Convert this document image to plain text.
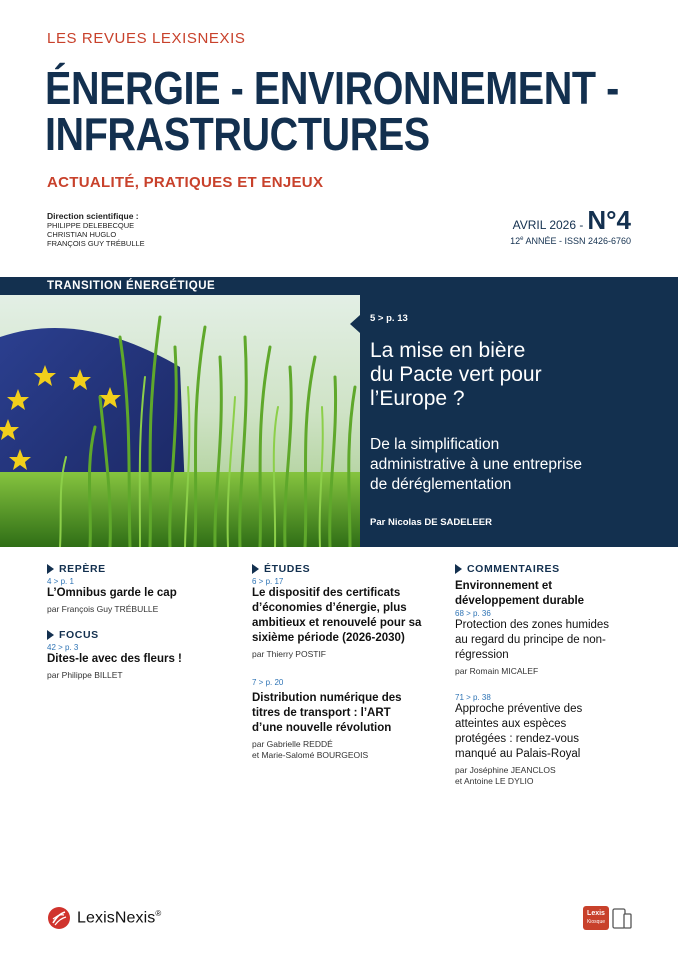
LES REVUES LEXISNEXIS
ÉNERGIE - ENVIRONNEMENT -
INFRASTRUCTURES
ACTUALITÉ, PRATIQUES ET ENJEUX
Direction scientifique :
PHILIPPE DELEBECQUE
CHRISTIAN HUGLO
FRANÇOIS GUY TRÉBULLE
AVRIL 2026 - N°4
12e ANNÉE - ISSN 2426-6760
TRANSITION ÉNERGÉTIQUE
5 > p. 13
La mise en bière
du Pacte vert pour
l’Europe ?
De la simplification
administrative à une entreprise
de déréglementation
Par Nicolas DE SADELEER
REPÈRE
4 > p. 1
L’Omnibus garde le cap
par François Guy TRÉBULLE
FOCUS
42 > p. 3
Dites-le avec des fleurs !
par Philippe BILLET
ÉTUDES
6 > p. 17
Le dispositif des certificats
d’économies d’énergie, plus
ambitieux et renouvelé pour sa
sixième période (2026-2030)
par Thierry POSTIF
7 > p. 20
Distribution numérique des
titres de transport : l’ART
d’une nouvelle révolution
par Gabrielle REDDÉ
et Marie-Salomé BOURGEOIS
COMMENTAIRES
Environnement et
développement durable
68 > p. 36
Protection des zones humides
au regard du principe de non-
régression
par Romain MICALEF
71 > p. 38
Approche préventive des
atteintes aux espèces
protégées : rendez-vous
manqué au Palais-Royal
par Joséphine JEANCLOS
et Antoine LE DYLIO
LexisNexis®	Lexis
Kiosque
